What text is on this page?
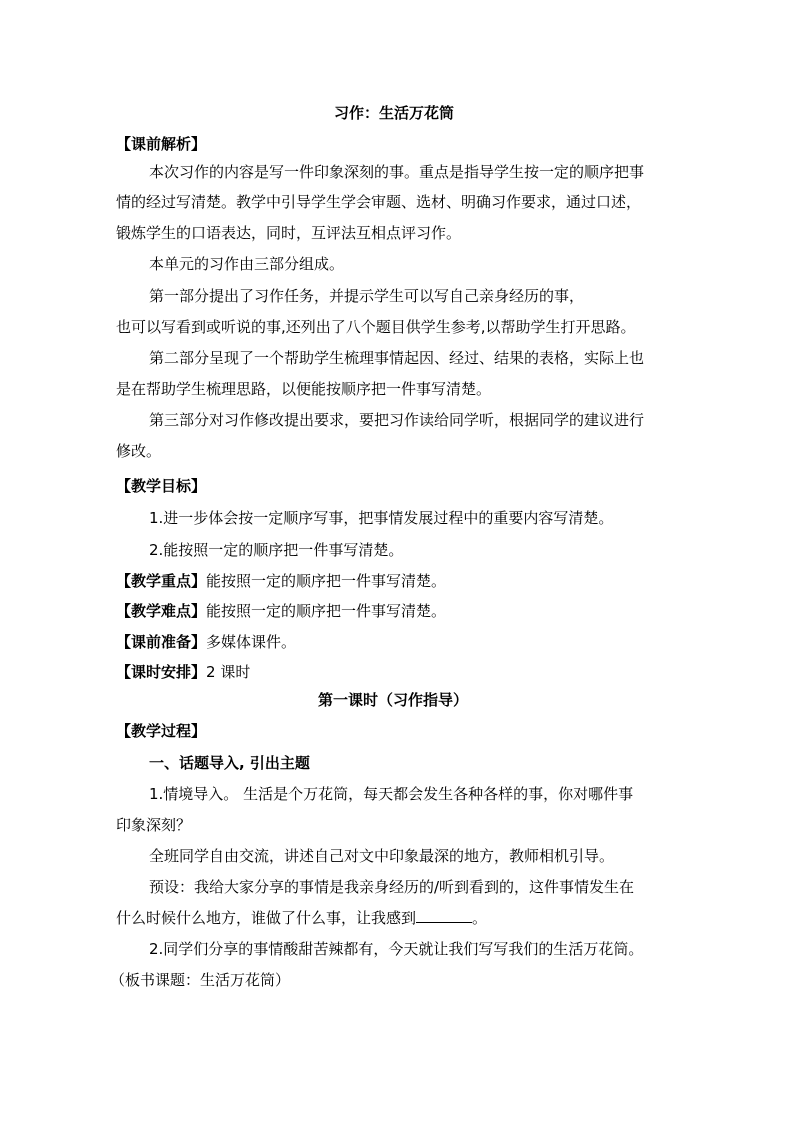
习作：生活万花筒
【课前解析】
本次习作的内容是写一件印象深刻的事。重点是指导学生按一定的顺序把事
情的经过写清楚。教学中引导学生学会审题、选材、明确习作要求，通过口述，
锻炼学生的口语表达，同时，互评法互相点评习作。
本单元的习作由三部分组成。
第一部分提出了习作任务，并提示学生可以写自己亲身经历的事，
也可以写看到或听说的事,还列出了八个题目供学生参考,以帮助学生打开思路。
第二部分呈现了一个帮助学生梳理事情起因、经过、结果的表格，实际上也
是在帮助学生梳理思路，以便能按顺序把一件事写清楚。
第三部分对习作修改提出要求，要把习作读给同学听，根据同学的建议进行
修改。
【教学目标】
1.进一步体会按一定顺序写事，把事情发展过程中的重要内容写清楚。
2.能按照一定的顺序把一件事写清楚。
【教学重点】能按照一定的顺序把一件事写清楚。
【教学难点】能按照一定的顺序把一件事写清楚。
【课前准备】多媒体课件。
【课时安排】2 课时
第一课时（习作指导）
【教学过程】
一、话题导入, 引出主题
1.情境导入。 生活是个万花筒，每天都会发生各种各样的事，你对哪件事
印象深刻？
全班同学自由交流，讲述自己对文中印象最深的地方，教师相机引导。
预设：我给大家分享的事情是我亲身经历的/听到看到的，这件事情发生在
什么时候什么地方，谁做了什么事，让我感到	。
2.同学们分享的事情酸甜苦辣都有，今天就让我们写写我们的生活万花筒。
（板书课题：生活万花筒）
